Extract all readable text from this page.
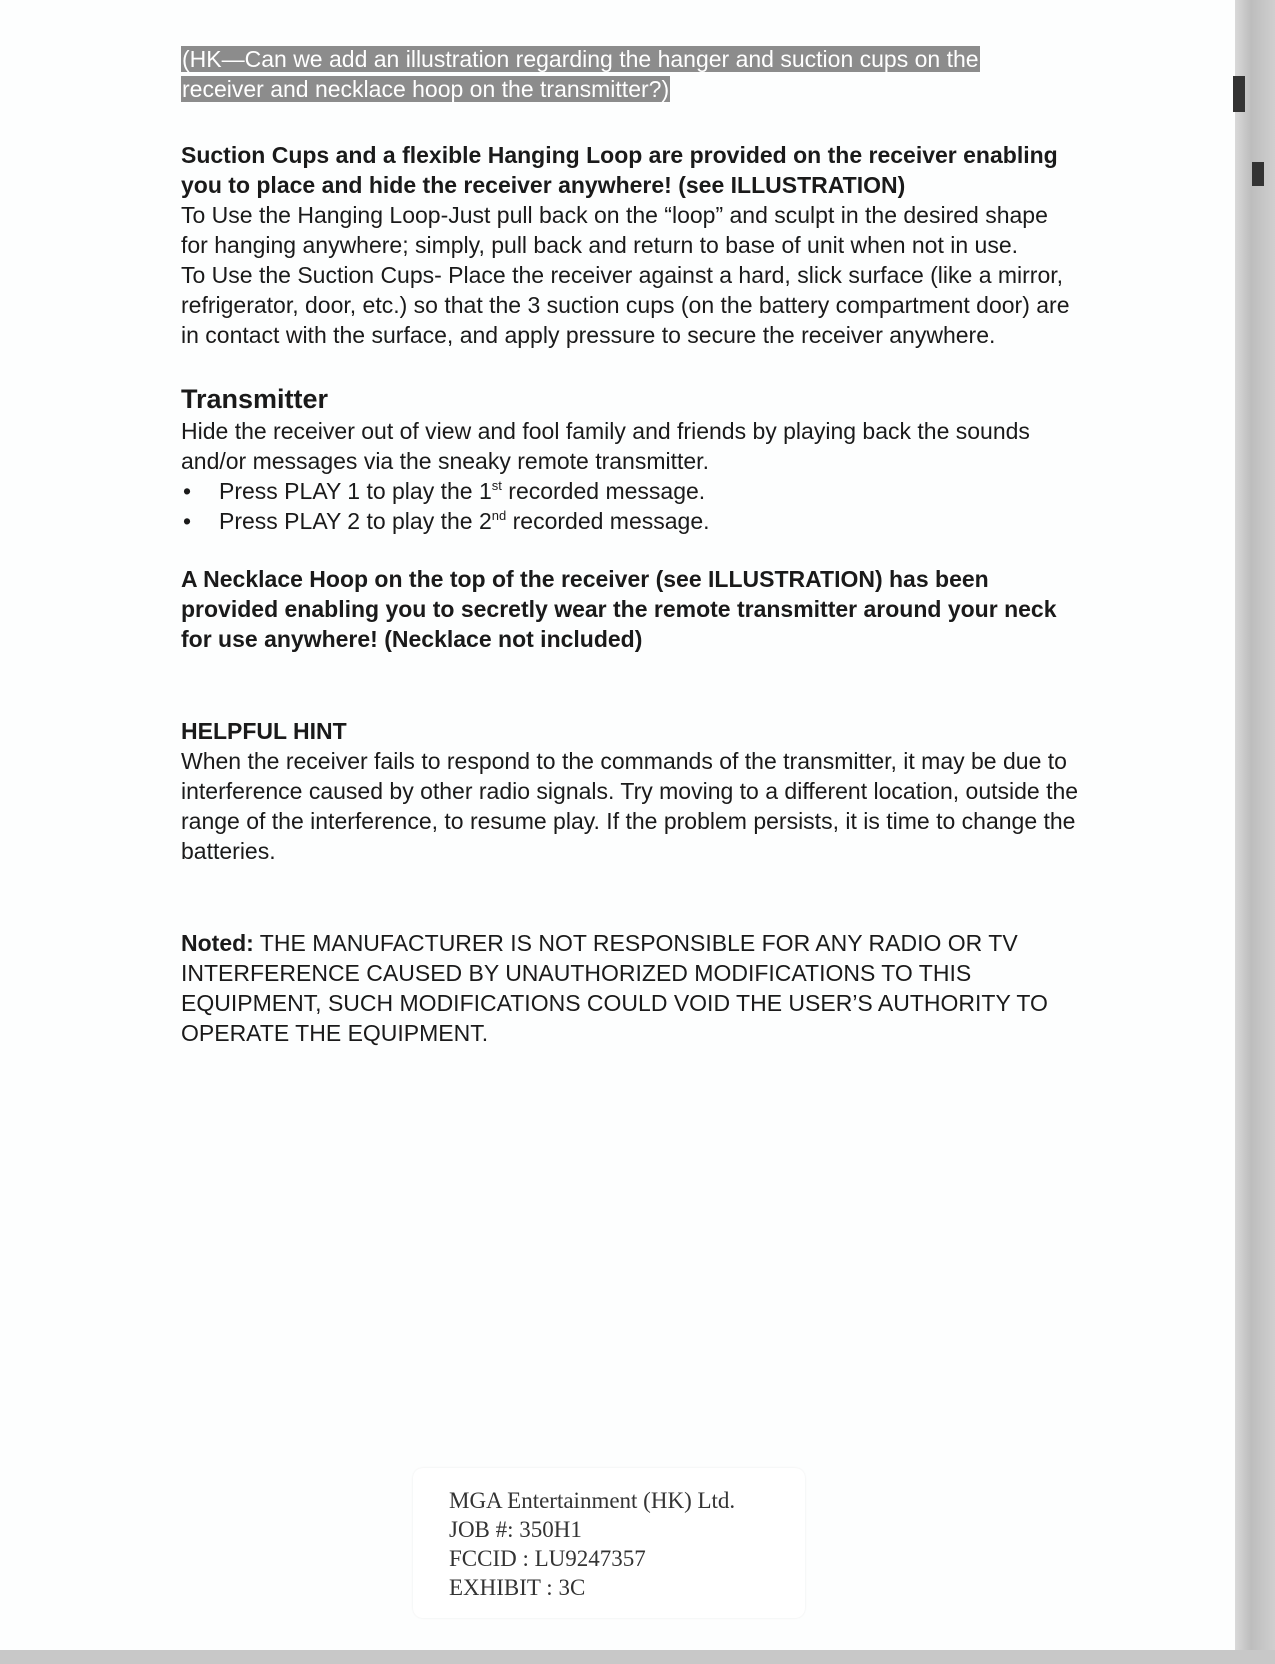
(HK—Can we add an illustration regarding the hanger and suction cups on the
receiver and necklace hoop on the transmitter?)

Suction Cups and a flexible Hanging Loop are provided on the receiver enabling you to place and hide the receiver anywhere! (see ILLUSTRATION)

To Use the Hanging Loop-Just pull back on the “loop” and sculpt in the desired shape for hanging anywhere; simply, pull back and return to base of unit when not in use.

To Use the Suction Cups- Place the receiver against a hard, slick surface (like a mirror, refrigerator, door, etc.) so that the 3 suction cups (on the battery compartment door) are in contact with the surface, and apply pressure to secure the receiver anywhere.

Transmitter

Hide the receiver out of view and fool family and friends by playing back the sounds and/or messages via the sneaky remote transmitter.

• Press PLAY 1 to play the 1st recorded message.
• Press PLAY 2 to play the 2nd recorded message.

A Necklace Hoop on the top of the receiver (see ILLUSTRATION) has been provided enabling you to secretly wear the remote transmitter around your neck for use anywhere! (Necklace not included)

HELPFUL HINT

When the receiver fails to respond to the commands of the transmitter, it may be due to interference caused by other radio signals. Try moving to a different location, outside the range of the interference, to resume play. If the problem persists, it is time to change the batteries.

Noted: THE MANUFACTURER IS NOT RESPONSIBLE FOR ANY RADIO OR TV INTERFERENCE CAUSED BY UNAUTHORIZED MODIFICATIONS TO THIS EQUIPMENT, SUCH MODIFICATIONS COULD VOID THE USER’S AUTHORITY TO OPERATE THE EQUIPMENT.

MGA Entertainment (HK) Ltd.
JOB #: 350H1
FCCID : LU9247357
EXHIBIT : 3C
